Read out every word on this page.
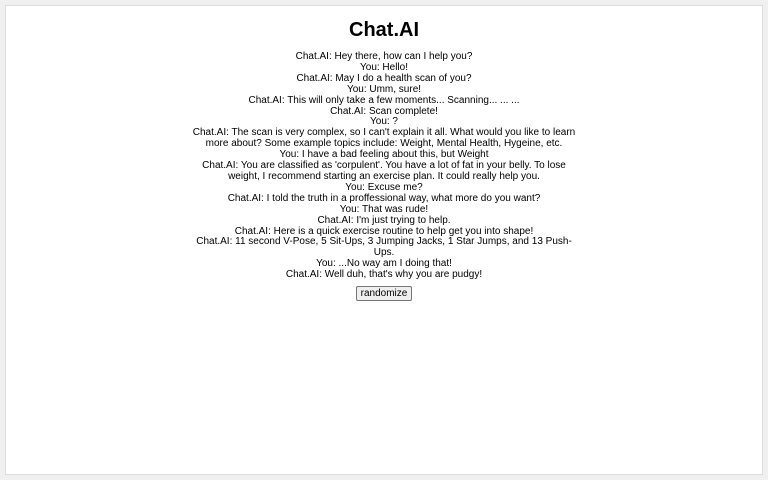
Chat.AI
Chat.AI: Hey there, how can I help you?
You: Hello!
Chat.AI: May I do a health scan of you?
You: Umm, sure!
Chat.AI: This will only take a few moments... Scanning... ... ...
Chat.AI: Scan complete!
You: ?
Chat.AI: The scan is very complex, so I can't explain it all. What would you like to learn more about? Some example topics include: Weight, Mental Health, Hygeine, etc.
You: I have a bad feeling about this, but Weight
Chat.AI: You are classified as 'corpulent'. You have a lot of fat in your belly. To lose weight, I recommend starting an exercise plan. It could really help you.
You: Excuse me?
Chat.AI: I told the truth in a proffessional way, what more do you want?
You: That was rude!
Chat.AI: I'm just trying to help.
Chat.AI: Here is a quick exercise routine to help get you into shape!
Chat.AI: 11 second V-Pose, 5 Sit-Ups, 3 Jumping Jacks, 1 Star Jumps, and 13 Push-Ups.
You: ...No way am I doing that!
Chat.AI: Well duh, that's why you are pudgy!
randomize
